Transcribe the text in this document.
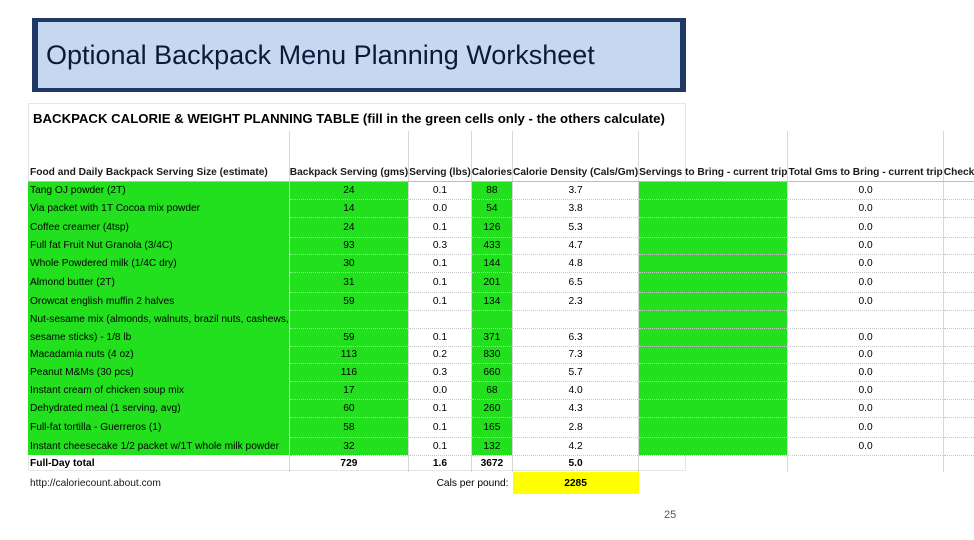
Optional Backpack Menu Planning Worksheet
BACKPACK CALORIE & WEIGHT PLANNING TABLE (fill in the green cells only - the others calculate)
Food and Daily Backpack Serving Size (estimate)	Backpack Serving (gms)	Serving (lbs)	Calories	Calorie Density (Cals/Gm)	Servings to Bring - current trip	Total Gms to Bring - current trip	Check
Tang OJ powder (2T)	24	0.1	88	3.7		0.0	
Via packet with 1T Cocoa mix powder	14	0.0	54	3.8		0.0	
Coffee creamer (4tsp)	24	0.1	126	5.3		0.0	
Full fat Fruit Nut Granola (3/4C)	93	0.3	433	4.7		0.0	
Whole Powdered milk (1/4C dry)	30	0.1	144	4.8		0.0	
Almond butter (2T)	31	0.1	201	6.5		0.0	
Orowcat english muffin 2 halves	59	0.1	134	2.3		0.0	
Nut-sesame mix (almonds, walnuts, brazil nuts, cashews,							
sesame sticks) - 1/8 lb	59	0.1	371	6.3		0.0	
Macadamia nuts (4 oz)	113	0.2	830	7.3		0.0	
Peanut M&Ms (30 pcs)	116	0.3	660	5.7		0.0	
Instant cream of chicken soup mix	17	0.0	68	4.0		0.0	
Dehydrated meal (1 serving, avg)	60	0.1	260	4.3		0.0	
Full-fat tortilla - Guerreros (1)	58	0.1	165	2.8		0.0	
Instant cheesecake 1/2 packet w/1T whole milk powder	32	0.1	132	4.2		0.0	
Full-Day total	729	1.6	3672	5.0			
http://caloriecount.about.com	Cals per pound:			2285			
25
